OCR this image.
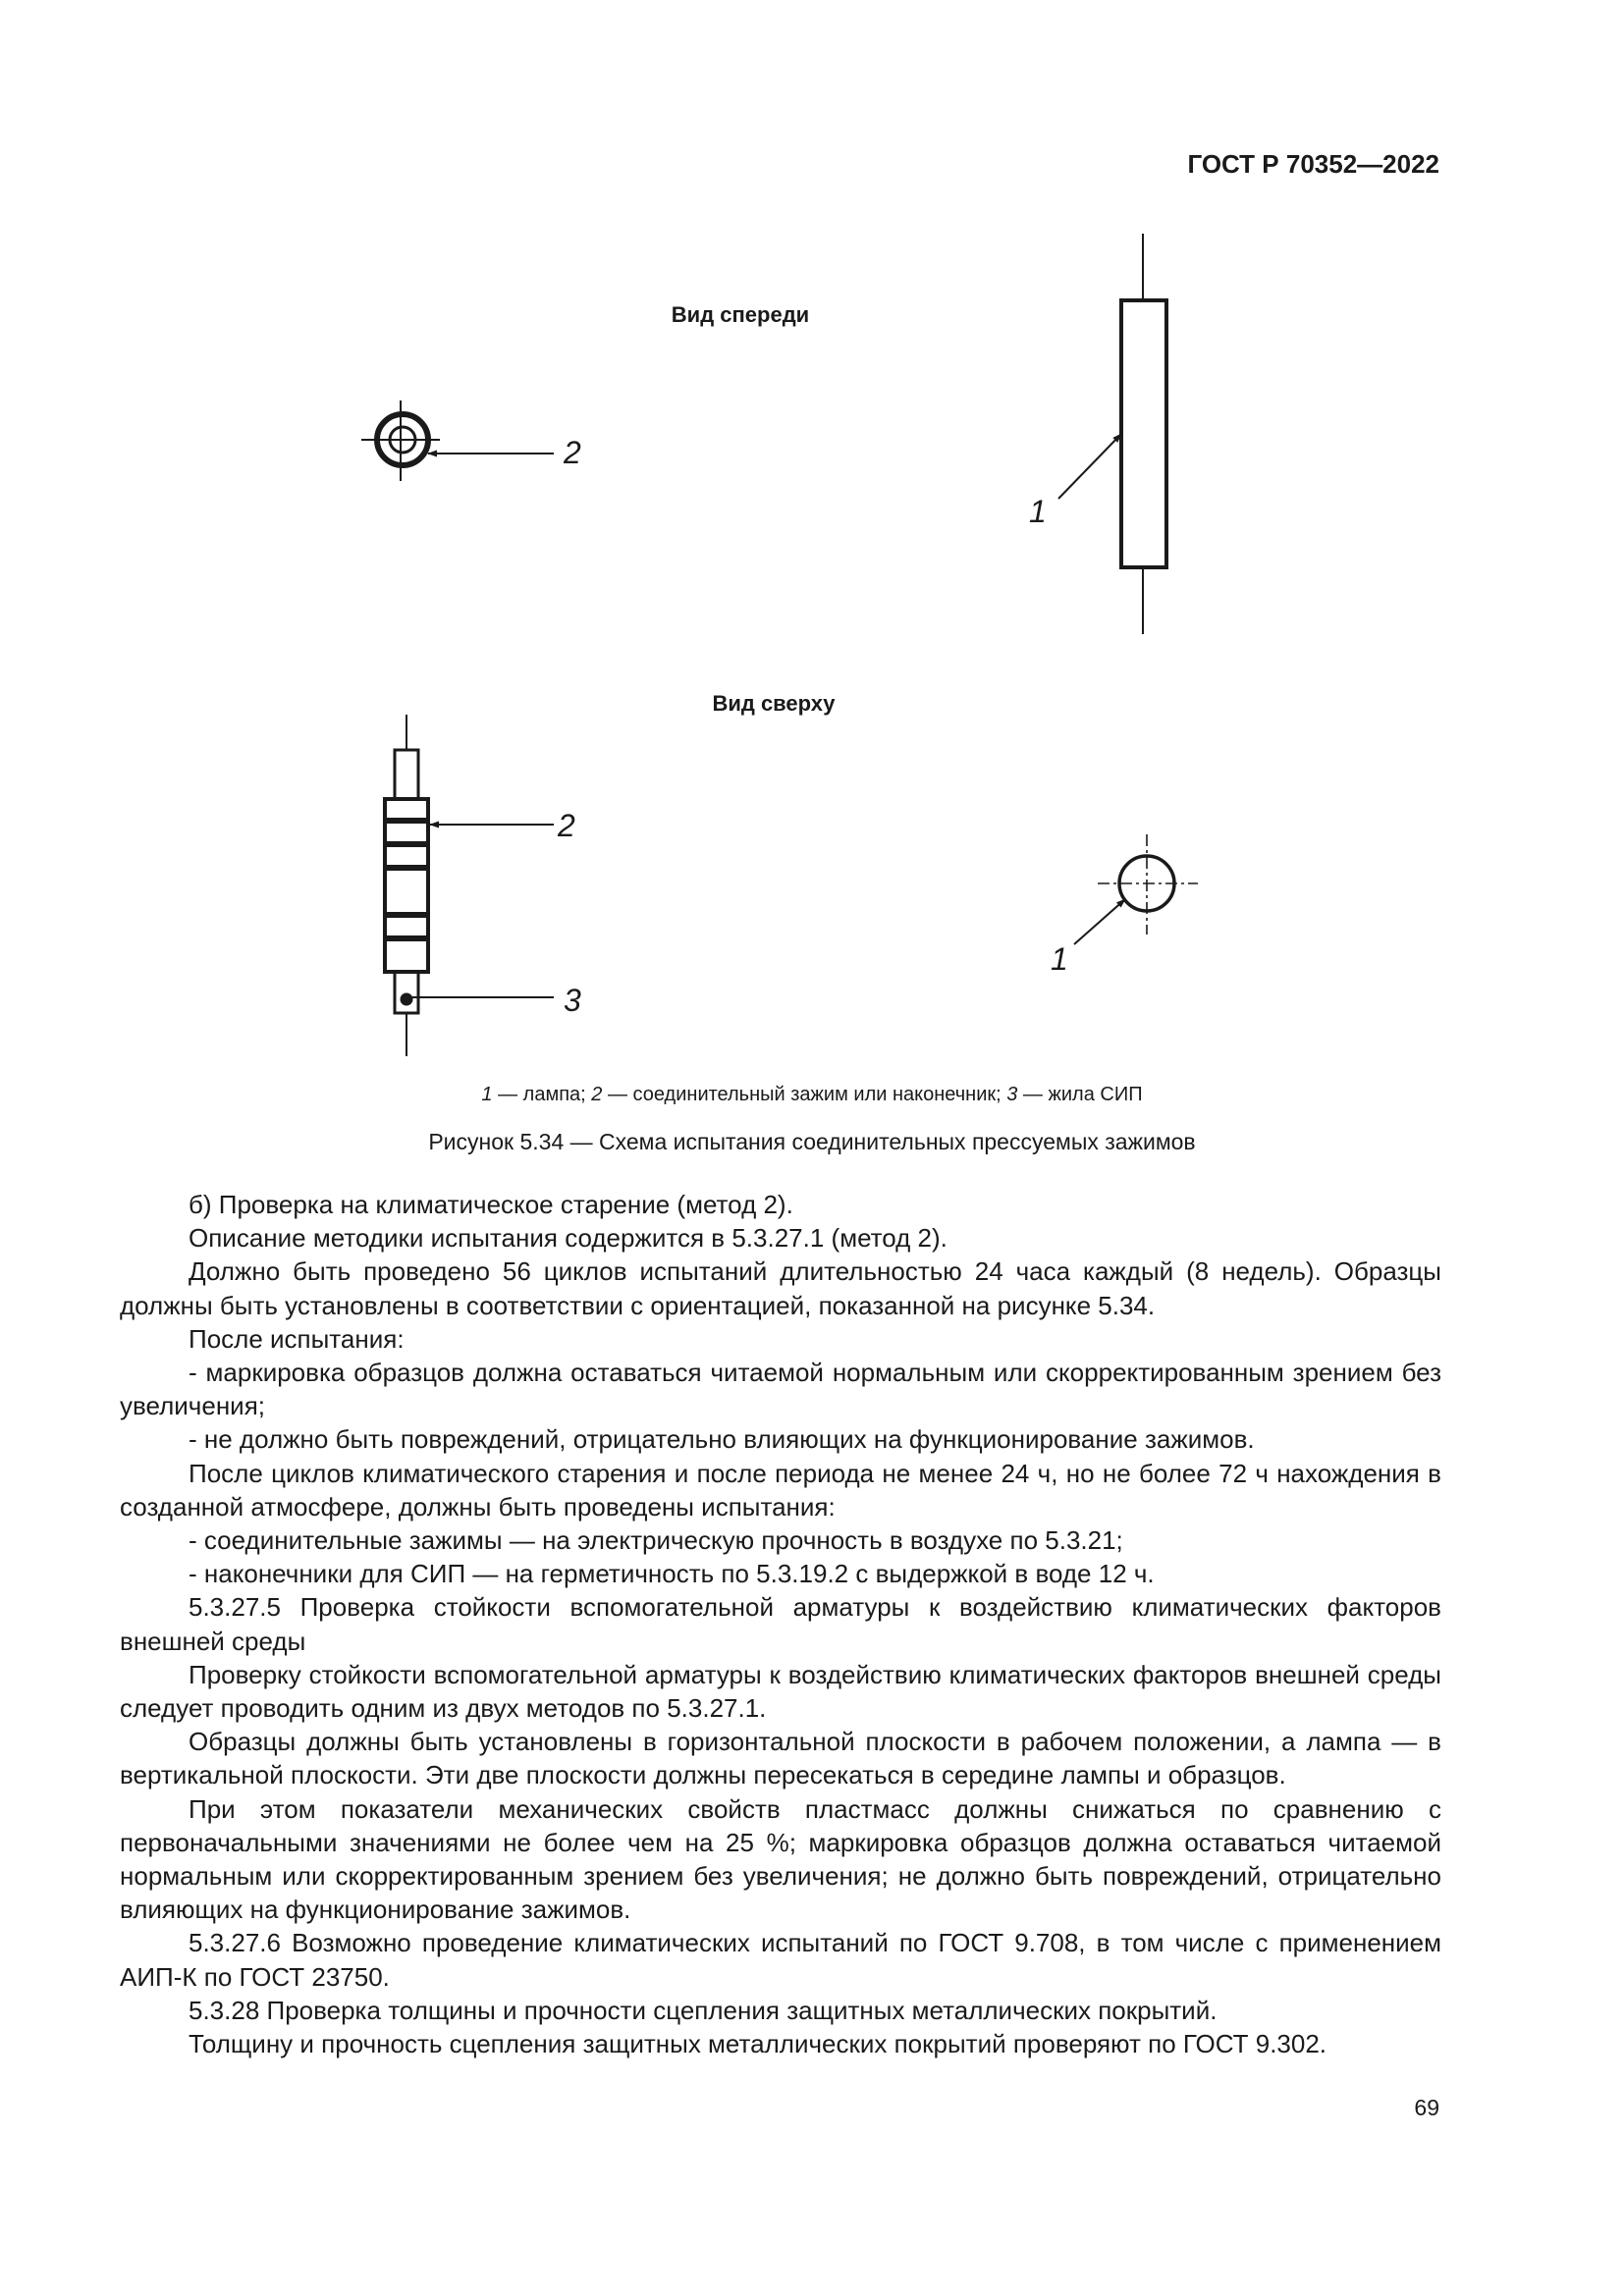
ГОСТ Р 70352—2022
Вид спереди
2
1
Вид сверху
2
3
1
1 — лампа; 2 — соединительный зажим или наконечник; 3 — жила СИП
Рисунок 5.34 — Схема испытания соединительных прессуемых зажимов

б) Проверка на климатическое старение (метод 2).

Описание методики испытания содержится в 5.3.27.1 (метод 2).

Должно быть проведено 56 циклов испытаний длительностью 24 часа каждый (8 недель). Образцы должны быть установлены в соответствии с ориентацией, показанной на рисунке 5.34.

После испытания:

- маркировка образцов должна оставаться читаемой нормальным или скорректированным зрением без увеличения;

- не должно быть повреждений, отрицательно влияющих на функционирование зажимов.

После циклов климатического старения и после периода не менее 24 ч, но не более 72 ч нахождения в созданной атмосфере, должны быть проведены испытания:

- соединительные зажимы — на электрическую прочность в воздухе по 5.3.21;

- наконечники для СИП — на герметичность по 5.3.19.2 с выдержкой в воде 12 ч.

5.3.27.5 Проверка стойкости вспомогательной арматуры к воздействию климатических факторов внешней среды

Проверку стойкости вспомогательной арматуры к воздействию климатических факторов внешней среды следует проводить одним из двух методов по 5.3.27.1.

Образцы должны быть установлены в горизонтальной плоскости в рабочем положении, а лампа — в вертикальной плоскости. Эти две плоскости должны пересекаться в середине лампы и образцов.

При этом показатели механических свойств пластмасс должны снижаться по сравнению с первоначальными значениями не более чем на 25 %; маркировка образцов должна оставаться читаемой нормальным или скорректированным зрением без увеличения; не должно быть повреждений, отрицательно влияющих на функционирование зажимов.

5.3.27.6 Возможно проведение климатических испытаний по ГОСТ 9.708, в том числе с применением АИП-К по ГОСТ 23750.

5.3.28 Проверка толщины и прочности сцепления защитных металлических покрытий.

Толщину и прочность сцепления защитных металлических покрытий проверяют по ГОСТ 9.302.

69
